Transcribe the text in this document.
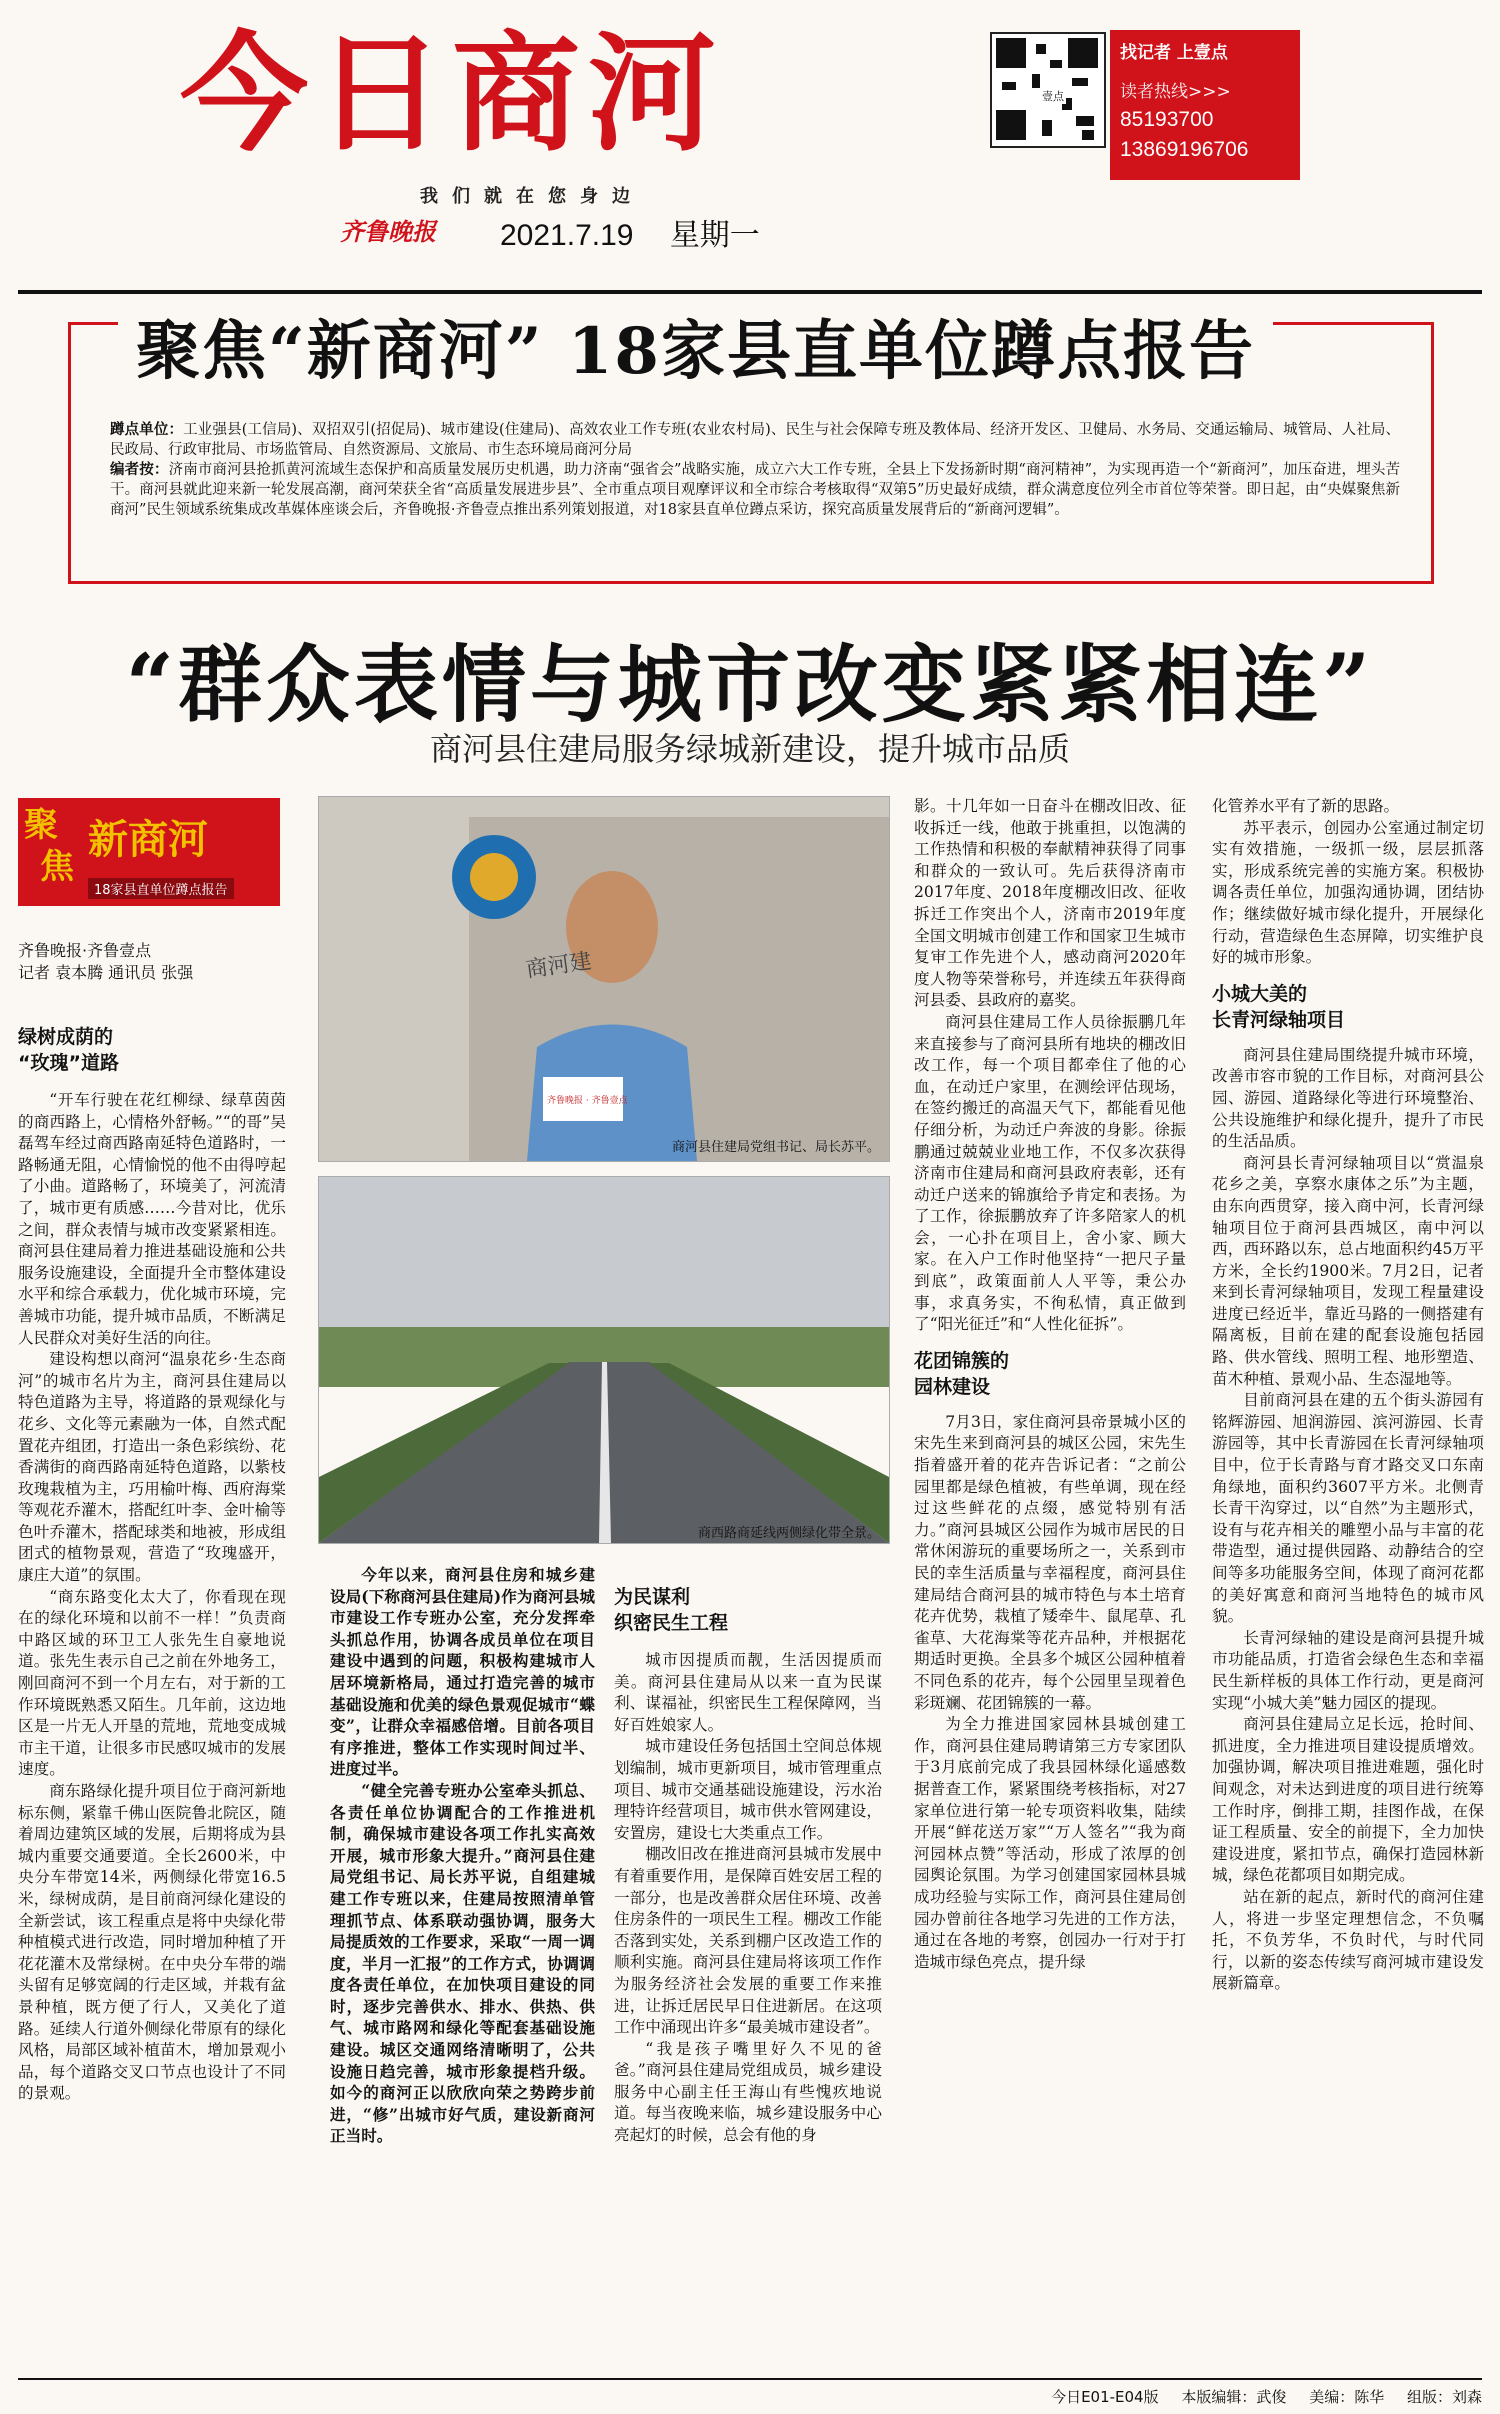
今日商河
我们就在您身边
齐鲁晚报 2021.7.19 星期一
壹点
找记者 上壹点
读者热线>>>
85193700
13869196706
聚焦“新商河” 18家县直单位蹲点报告
蹲点单位：工业强县(工信局)、双招双引(招促局)、城市建设(住建局)、高效农业工作专班(农业农村局)、民生与社会保障专班及教体局、经济开发区、卫健局、水务局、交通运输局、城管局、人社局、民政局、行政审批局、市场监管局、自然资源局、文旅局、市生态环境局商河分局
编者按：济南市商河县抢抓黄河流域生态保护和高质量发展历史机遇，助力济南“强省会”战略实施，成立六大工作专班，全县上下发扬新时期“商河精神”，为实现再造一个“新商河”，加压奋进，埋头苦干。商河县就此迎来新一轮发展高潮，商河荣获全省“高质量发展进步县”、全市重点项目观摩评议和全市综合考核取得“双第5”历史最好成绩，群众满意度位列全市首位等荣誉。即日起，由“央媒聚焦新商河”民生领域系统集成改革媒体座谈会后，齐鲁晚报·齐鲁壹点推出系列策划报道，对18家县直单位蹲点采访，探究高质量发展背后的“新商河逻辑”。
“群众表情与城市改变紧紧相连”
商河县住建局服务绿城新建设，提升城市品质
聚
焦
新商河
18家县直单位蹲点报告
齐鲁晚报·齐鲁壹点
记者 袁本腾 通讯员 张强
绿树成荫的
“玫瑰”道路

“开车行驶在花红柳绿、绿草茵茵的商西路上，心情格外舒畅。”“的哥”吴磊驾车经过商西路南延特色道路时，一路畅通无阻，心情愉悦的他不由得哼起了小曲。道路畅了，环境美了，河流清了，城市更有质感……今昔对比，优乐之间，群众表情与城市改变紧紧相连。商河县住建局着力推进基础设施和公共服务设施建设，全面提升全市整体建设水平和综合承载力，优化城市环境，完善城市功能，提升城市品质，不断满足人民群众对美好生活的向往。

建设构想以商河“温泉花乡·生态商河”的城市名片为主，商河县住建局以特色道路为主导，将道路的景观绿化与花乡、文化等元素融为一体，自然式配置花卉组团，打造出一条色彩缤纷、花香满街的商西路南延特色道路，以紫枝玫瑰栽植为主，巧用榆叶梅、西府海棠等观花乔灌木，搭配红叶李、金叶榆等色叶乔灌木，搭配球类和地被，形成组团式的植物景观，营造了“玫瑰盛开，康庄大道”的氛围。

“商东路变化太大了，你看现在现在的绿化环境和以前不一样！”负责商中路区域的环卫工人张先生自豪地说道。张先生表示自己之前在外地务工，刚回商河不到一个月左右，对于新的工作环境既熟悉又陌生。几年前，这边地区是一片无人开垦的荒地，荒地变成城市主干道，让很多市民感叹城市的发展速度。

商东路绿化提升项目位于商河新地标东侧，紧靠千佛山医院鲁北院区，随着周边建筑区域的发展，后期将成为县城内重要交通要道。全长2600米，中央分车带宽14米，两侧绿化带宽16.5米，绿树成荫，是目前商河绿化建设的全新尝试，该工程重点是将中央绿化带种植模式进行改造，同时增加种植了开花花灌木及常绿树。在中央分车带的端头留有足够宽阔的行走区域，并栽有盆景种植，既方便了行人，又美化了道路。延续人行道外侧绿化带原有的绿化风格，局部区域补植苗木，增加景观小品，每个道路交叉口节点也设计了不同的景观。

商河建
齐鲁晚报 · 齐鲁壹点
商河县住建局党组书记、局长苏平。
商西路商延线两侧绿化带全景。

今年以来，商河县住房和城乡建设局(下称商河县住建局)作为商河县城市建设工作专班办公室，充分发挥牵头抓总作用，协调各成员单位在项目建设中遇到的问题，积极构建城市人居环境新格局，通过打造完善的城市基础设施和优美的绿色景观促城市“蝶变”，让群众幸福感倍增。目前各项目有序推进，整体工作实现时间过半、进度过半。

“健全完善专班办公室牵头抓总、各责任单位协调配合的工作推进机制，确保城市建设各项工作扎实高效开展，城市形象大提升。”商河县住建局党组书记、局长苏平说，自组建城建工作专班以来，住建局按照清单管理抓节点、体系联动强协调，服务大局提质效的工作要求，采取“一周一调度，半月一汇报”的工作方式，协调调度各责任单位，在加快项目建设的同时，逐步完善供水、排水、供热、供气、城市路网和绿化等配套基础设施建设。城区交通网络清晰明了，公共设施日趋完善，城市形象提档升级。如今的商河正以欣欣向荣之势跨步前进，“修”出城市好气质，建设新商河正当时。

为民谋利
织密民生工程

城市因提质而靓，生活因提质而美。商河县住建局从以来一直为民谋利、谋福祉，织密民生工程保障网，当好百姓娘家人。

城市建设任务包括国土空间总体规划编制，城市更新项目，城市管理重点项目、城市交通基础设施建设，污水治理特许经营项目，城市供水管网建设，安置房，建设七大类重点工作。

棚改旧改在推进商河县城市发展中有着重要作用，是保障百姓安居工程的一部分，也是改善群众居住环境、改善住房条件的一项民生工程。棚改工作能否落到实处，关系到棚户区改造工作的顺利实施。商河县住建局将该项工作作为服务经济社会发展的重要工作来推进，让拆迁居民早日住进新居。在这项工作中涌现出许多“最美城市建设者”。

“我是孩子嘴里好久不见的爸爸。”商河县住建局党组成员，城乡建设服务中心副主任王海山有些愧疚地说道。每当夜晚来临，城乡建设服务中心亮起灯的时候，总会有他的身

影。十几年如一日奋斗在棚改旧改、征收拆迁一线，他敢于挑重担，以饱满的工作热情和积极的奉献精神获得了同事和群众的一致认可。先后获得济南市2017年度、2018年度棚改旧改、征收拆迁工作突出个人，济南市2019年度全国文明城市创建工作和国家卫生城市复审工作先进个人，感动商河2020年度人物等荣誉称号，并连续五年获得商河县委、县政府的嘉奖。

商河县住建局工作人员徐振鹏几年来直接参与了商河县所有地块的棚改旧改工作，每一个项目都牵住了他的心血，在动迁户家里，在测绘评估现场，在签约搬迁的高温天气下，都能看见他仔细分析，为动迁户奔波的身影。徐振鹏通过兢兢业业地工作，不仅多次获得济南市住建局和商河县政府表彰，还有动迁户送来的锦旗给予肯定和表扬。为了工作，徐振鹏放弃了许多陪家人的机会，一心扑在项目上，舍小家、顾大家。在入户工作时他坚持“一把尺子量到底”，政策面前人人平等，秉公办事，求真务实，不徇私情，真正做到了“阳光征迁”和“人性化征拆”。

花团锦簇的
园林建设

7月3日，家住商河县帝景城小区的宋先生来到商河县的城区公园，宋先生指着盛开着的花卉告诉记者：“之前公园里都是绿色植被，有些单调，现在经过这些鲜花的点缀，感觉特别有活力。”商河县城区公园作为城市居民的日常休闲游玩的重要场所之一，关系到市民的幸生活质量与幸福程度，商河县住建局结合商河县的城市特色与本土培育花卉优势，栽植了矮牵牛、鼠尾草、孔雀草、大花海棠等花卉品种，并根据花期适时更换。全县多个城区公园种植着不同色系的花卉，每个公园里呈现着色彩斑斓、花团锦簇的一幕。

为全力推进国家园林县城创建工作，商河县住建局聘请第三方专家团队于3月底前完成了我县园林绿化遥感数据普查工作，紧紧围绕考核指标，对27家单位进行第一轮专项资料收集，陆续开展“鲜花送万家”“万人签名”“我为商河园林点赞”等活动，形成了浓厚的创园舆论氛围。为学习创建国家园林县城成功经验与实际工作，商河县住建局创园办曾前往各地学习先进的工作方法，通过在各地的考察，创园办一行对于打造城市绿色亮点，提升绿

化管养水平有了新的思路。

苏平表示，创园办公室通过制定切实有效措施，一级抓一级，层层抓落实，形成系统完善的实施方案。积极协调各责任单位，加强沟通协调，团结协作；继续做好城市绿化提升，开展绿化行动，营造绿色生态屏障，切实维护良好的城市形象。

小城大美的
长青河绿轴项目

商河县住建局围绕提升城市环境，改善市容市貌的工作目标，对商河县公园、游园、道路绿化等进行环境整治、公共设施维护和绿化提升，提升了市民的生活品质。

商河县长青河绿轴项目以“赏温泉花乡之美，享察水康体之乐”为主题，由东向西贯穿，接入商中河，长青河绿轴项目位于商河县西城区，南中河以西，西环路以东，总占地面积约45万平方米，全长约1900米。7月2日，记者来到长青河绿轴项目，发现工程量建设进度已经近半，靠近马路的一侧搭建有隔离板，目前在建的配套设施包括园路、供水管线、照明工程、地形塑造、苗木种植、景观小品、生态湿地等。

目前商河县在建的五个街头游园有铭辉游园、旭润游园、滨河游园、长青游园等，其中长青游园在长青河绿轴项目中，位于长青路与育才路交叉口东南角绿地，面积约3607平方米。北侧青长青干沟穿过，以“自然”为主题形式，设有与花卉相关的雕塑小品与丰富的花带造型，通过提供园路、动静结合的空间等多功能服务空间，体现了商河花都的美好寓意和商河当地特色的城市风貌。

长青河绿轴的建设是商河县提升城市功能品质，打造省会绿色生态和幸福民生新样板的具体工作行动，更是商河实现“小城大美”魅力园区的提现。

商河县住建局立足长远，抢时间、抓进度，全力推进项目建设提质增效。加强协调，解决项目推进难题，强化时间观念，对未达到进度的项目进行统筹工作时序，倒排工期，挂图作战，在保证工程质量、安全的前提下，全力加快建设进度，紧扣节点，确保打造园林新城，绿色花都项目如期完成。

站在新的起点，新时代的商河住建人，将进一步坚定理想信念，不负嘱托，不负芳华，不负时代，与时代同行，以新的姿态传续写商河城市建设发展新篇章。

今日E01-E04版 本版编辑：武俊 美编：陈华 组版：刘森
